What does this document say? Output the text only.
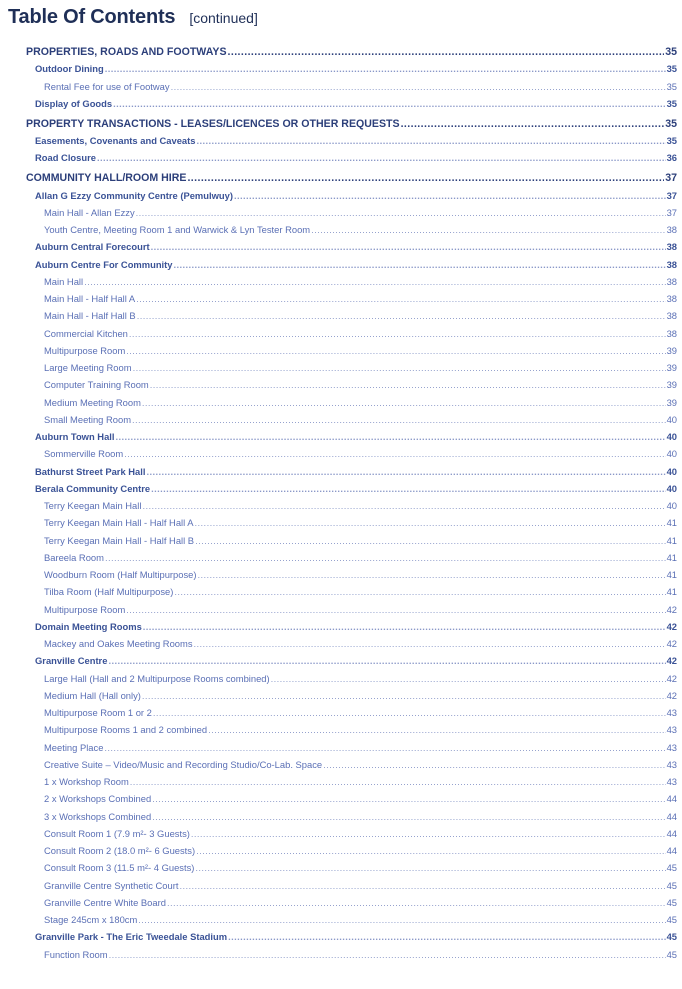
Table Of Contents [continued]
PROPERTIES, ROADS AND FOOTWAYS .....	35
Outdoor Dining .....	35
Rental Fee for use of Footway .....	35
Display of Goods .....	35
PROPERTY TRANSACTIONS - LEASES/LICENCES OR OTHER REQUESTS .....	35
Easements, Covenants and Caveats .....	35
Road Closure .....	36
COMMUNITY HALL/ROOM HIRE .....	37
Allan G Ezzy Community Centre (Pemulwuy) .....	37
Main Hall - Allan Ezzy .....	37
Youth Centre, Meeting Room 1 and Warwick & Lyn Tester Room .....	38
Auburn Central Forecourt .....	38
Auburn Centre For Community .....	38
Main Hall .....	38
Main Hall - Half Hall A .....	38
Main Hall - Half Hall B .....	38
Commercial Kitchen .....	38
Multipurpose Room .....	39
Large Meeting Room .....	39
Computer Training Room .....	39
Medium Meeting Room .....	39
Small Meeting Room .....	40
Auburn Town Hall .....	40
Sommerville Room .....	40
Bathurst Street Park Hall .....	40
Berala Community Centre .....	40
Terry Keegan Main Hall .....	40
Terry Keegan Main Hall - Half Hall A .....	41
Terry Keegan Main Hall - Half Hall B .....	41
Bareela Room .....	41
Woodburn Room (Half Multipurpose) .....	41
Tilba Room (Half Multipurpose) .....	41
Multipurpose Room .....	42
Domain Meeting Rooms .....	42
Mackey and Oakes Meeting Rooms .....	42
Granville Centre .....	42
Large Hall (Hall and 2 Multipurpose Rooms combined) .....	42
Medium Hall (Hall only) .....	42
Multipurpose Room 1 or 2 .....	43
Multipurpose Rooms 1 and 2 combined .....	43
Meeting Place .....	43
Creative Suite – Video/Music and Recording Studio/Co-Lab. Space .....	43
1 x Workshop Room .....	43
2 x Workshops Combined .....	44
3 x Workshops Combined .....	44
Consult Room 1 (7.9 m²- 3 Guests) .....	44
Consult Room 2 (18.0 m²- 6 Guests) .....	44
Consult Room 3 (11.5 m²- 4 Guests) .....	45
Granville Centre Synthetic Court .....	45
Granville Centre White Board .....	45
Stage 245cm x 180cm .....	45
Granville Park - The Eric Tweedale Stadium .....	45
Function Room .....	45
